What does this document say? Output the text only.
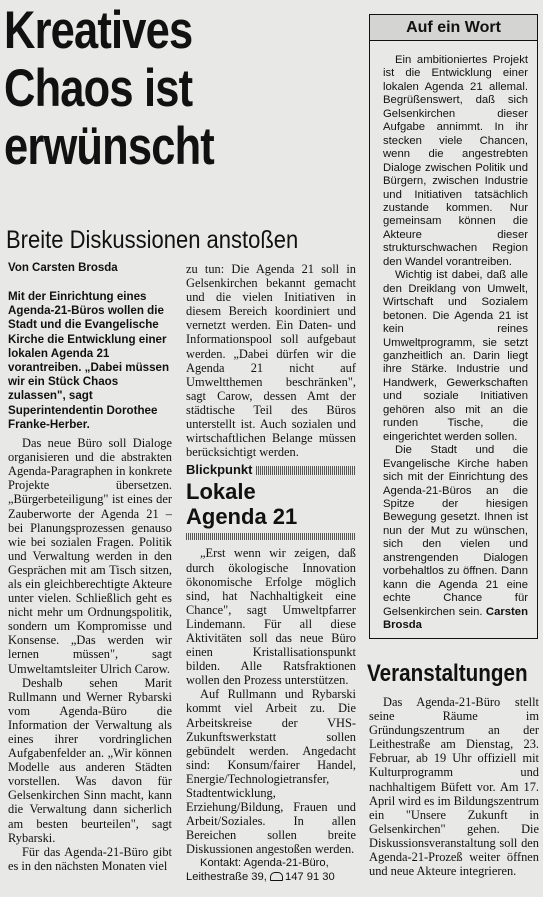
Kreatives
Chaos ist
erwünscht
Breite Diskussionen anstoßen
Von Carsten Brosda

Mit der Einrichtung eines Agenda-21-Büros wollen die Stadt und die Evangelische Kirche die Entwicklung einer lokalen Agenda 21 vorantreiben. „Dabei müssen wir ein Stück Chaos zulassen", sagt Superintendentin Dorothee Franke-Herber.

Das neue Büro soll Dialoge organisieren und die abstrakten Agenda-Paragraphen in konkrete Projekte übersetzen. „Bürgerbeteiligung" ist eines der Zauberworte der Agenda 21 – bei Planungsprozessen genauso wie bei sozialen Fragen. Politik und Verwaltung werden in den Gesprächen mit am Tisch sitzen, als ein gleichberechtigte Akteure unter vielen. Schließlich geht es nicht mehr um Ordnungspolitik, sondern um Kompromisse und Konsense. „Das werden wir lernen müssen", sagt Umweltamtsleiter Ulrich Carow.

Deshalb sehen Marit Rullmann und Werner Rybarski vom Agenda-Büro die Information der Verwaltung als eines ihrer vordringlichen Aufgabenfelder an. „Wir können Modelle aus anderen Städten vorstellen. Was davon für Gelsenkirchen Sinn macht, kann die Verwaltung dann sicherlich am besten beurteilen", sagt Rybarski.

Für das Agenda-21-Büro gibt es in den nächsten Monaten viel

zu tun: Die Agenda 21 soll in Gelsenkirchen bekannt gemacht und die vielen Initiativen in diesem Bereich koordiniert und vernetzt werden. Ein Daten- und Informationspool soll aufgebaut werden. „Dabei dürfen wir die Agenda 21 nicht auf Umweltthemen beschränken", sagt Carow, dessen Amt der städtische Teil des Büros unterstellt ist. Auch sozialen und wirtschaftlichen Belange müssen berücksichtigt werden.

Blickpunkt
Lokale
Agenda 21

„Erst wenn wir zeigen, daß durch ökologische Innovation ökonomische Erfolge möglich sind, hat Nachhaltigkeit eine Chance", sagt Umweltpfarrer Lindemann. Für all diese Aktivitäten soll das neue Büro einen Kristallisationspunkt bilden. Alle Ratsfraktionen wollen den Prozess unterstützen.

Auf Rullmann und Rybarski kommt viel Arbeit zu. Die Arbeitskreise der VHS-Zukunftswerkstatt sollen gebündelt werden. Angedacht sind: Konsum/fairer Handel, Energie/Technologietransfer, Stadtentwicklung, Erziehung/Bildung, Frauen und Arbeit/Soziales. In allen Bereichen sollen breite Diskussionen angestoßen werden.

Kontakt: Agenda-21-Büro,
Leithestraße 39, 147 91 30

Auf ein Wort

Ein ambitioniertes Projekt ist die Entwicklung einer lokalen Agenda 21 allemal. Begrüßenswert, daß sich Gelsenkirchen dieser Aufgabe annimmt. In ihr stecken viele Chancen, wenn die angestrebten Dialoge zwischen Politik und Bürgern, zwischen Industrie und Initiativen tatsächlich zustande kommen. Nur gemeinsam können die Akteure dieser strukturschwachen Region den Wandel vorantreiben.

Wichtig ist dabei, daß alle den Dreiklang von Umwelt, Wirtschaft und Sozialem betonen. Die Agenda 21 ist kein reines Umweltprogramm, sie setzt ganzheitlich an. Darin liegt ihre Stärke. Industrie und Handwerk, Gewerkschaften und soziale Initiativen gehören also mit an die runden Tische, die eingerichtet werden sollen.

Die Stadt und die Evangelische Kirche haben sich mit der Einrichtung des Agenda-21-Büros an die Spitze der hiesigen Bewegung gesetzt. Ihnen ist nun der Mut zu wünschen, sich den vielen und anstrengenden Dialogen vorbehaltlos zu öffnen. Dann kann die Agenda 21 eine echte Chance für Gelsenkirchen sein. Carsten Brosda

Veranstaltungen

Das Agenda-21-Büro stellt seine Räume im Gründungszentrum an der Leithestraße am Dienstag, 23. Februar, ab 19 Uhr offiziell mit Kulturprogramm und nachhaltigem Büfett vor. Am 17. April wird es im Bildungszentrum ein "Unsere Zukunft in Gelsenkirchen" gehen. Die Diskussionsveranstaltung soll den Agenda-21-Prozeß weiter öffnen und neue Akteure integrieren.
